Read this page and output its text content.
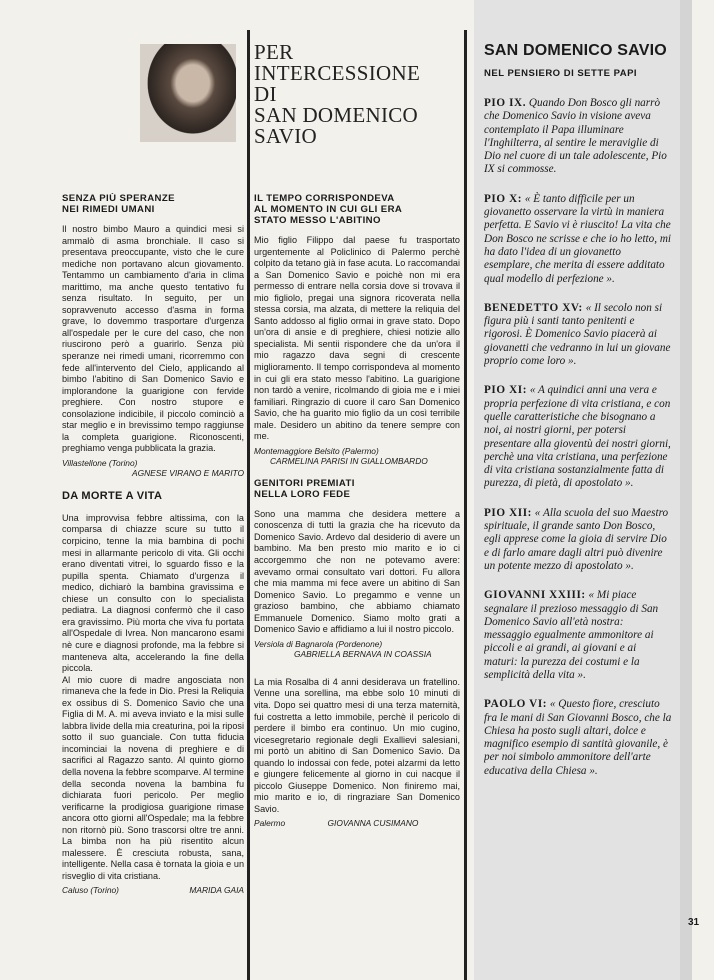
SENZA PIÙ SPERANZE
NEI RIMEDI UMANI

Il nostro bimbo Mauro a quindici mesi si ammalò di asma bronchiale. Il caso si presentava preoccupante, visto che le cure mediche non portavano alcun giovamento. Tentammo un cambiamento d'aria in clima marittimo, ma anche questo tentativo fu senza risultato. In seguito, per un sopravvenuto accesso d'asma in forma grave, lo dovemmo trasportare d'urgenza all'ospedale per le cure del caso, che non riuscirono però a guarirlo. Senza più speranze nei rimedi umani, ricorremmo con fede all'intervento del Cielo, applicando al bimbo l'abitino di San Domenico Savio e implorandone la guarigione con fervide preghiere. Con nostro stupore e consolazione indicibile, il piccolo cominciò a star meglio e in brevissimo tempo raggiunse la completa guarigione. Riconoscenti, preghiamo venga pubblicata la grazia.

Villastellone (Torino)
AGNESE VIRANO E MARITO
DA MORTE A VITA

Una improvvisa febbre altissima, con la comparsa di chiazze scure su tutto il corpicino, tenne la mia bambina di pochi mesi in allarmante pericolo di vita. Gli occhi erano diventati vitrei, lo sguardo fisso e la pupilla spenta. Chiamato d'urgenza il medico, dichiarò la bambina gravissima e chiese un consulto con lo specialista pediatra. La diagnosi confermò che il caso era gravissimo. Più morta che viva fu portata all'Ospedale di Ivrea. Non mancarono esami nè cure e diagnosi profonde, ma la febbre si manteneva alta, accelerando la fine della piccola.

Al mio cuore di madre angosciata non rimaneva che la fede in Dio. Presi la Reliquia ex ossibus di S. Domenico Savio che una Figlia di M. A. mi aveva inviato e la misi sulle labbra livide della mia creaturina, poi la riposi sotto il suo guanciale. Con tutta fiducia incominciai la novena di preghiere e di sacrifici al Ragazzo santo. Al quinto giorno della novena la febbre scomparve. Al termine della seconda novena la bambina fu dichiarata fuori pericolo. Per meglio verificarne la prodigiosa guarigione rimase ancora otto giorni all'Ospedale; ma la febbre non ritornò più. Sono trascorsi oltre tre anni. La bimba non ha più risentito alcun malessere. È cresciuta robusta, sana, intelligente. Nella casa è tornata la gioia e un risveglio di vita cristiana.

Caluso (Torino)	MARIDA GAIA
PER
INTERCESSIONE
DI
SAN DOMENICO
SAVIO
IL TEMPO CORRISPONDEVA
AL MOMENTO IN CUI GLI ERA
STATO MESSO L'ABITINO

Mio figlio Filippo dal paese fu trasportato urgentemente al Policlinico di Palermo perchè colpito da tetano già in fase acuta. Lo raccomandai a San Domenico Savio e poichè non mi era permesso di entrare nella corsia dove si trovava il mio figliolo, pregai una signora ricoverata nella stessa corsia, ma alzata, di mettere la reliquia del Santo addosso al figlio ormai in grave stato. Dopo un'ora di ansie e di preghiere, chiesi notizie allo specialista. Mi sentii rispondere che da un'ora il mio ragazzo dava segni di crescente miglioramento. Il tempo corrispondeva al momento in cui gli era stato messo l'abitino. La guarigione non tardò a venire, ricolmando di gioia me e i miei familiari. Ringrazio di cuore il caro San Domenico Savio, che ha guarito mio figlio da un così terribile male. Desidero un abitino da tenere sempre con me.

Montemaggiore Belsito (Palermo)
CARMELINA PARISI IN GIALLOMBARDO
GENITORI PREMIATI
NELLA LORO FEDE

Sono una mamma che desidera mettere a conoscenza di tutti la grazia che ha ricevuto da Domenico Savio. Ardevo dal desiderio di avere un bambino. Ma ben presto mio marito e io ci accorgemmo che non ne potevamo avere: avevamo ormai consultato vari dottori. Fu allora che mia mamma mi fece avere un abitino di San Domenico Savio. Lo pregammo e venne un grazioso bambino, che abbiamo chiamato Emmanuele Domenico. Siamo molto grati a Domenico Savio e affidiamo a lui il nostro piccolo.

Versiola di Bagnarola (Pordenone)
GABRIELLA BERNAVA IN COASSIA

La mia Rosalba di 4 anni desiderava un fratellino. Venne una sorellina, ma ebbe solo 10 minuti di vita. Dopo sei quattro mesi di una terza maternità, fui costretta a letto immobile, perchè il pericolo di perdere il bimbo era continuo. Un mio cugino, vicesegretario regionale degli Exallievi salesiani, mi portò un abitino di San Domenico Savio. Da quando lo indossai con fede, potei alzarmi da letto e giungere felicemente al giorno in cui nacque il piccolo Giuseppe Domenico. Non finiremo mai, mio marito e io, di ringraziare San Domenico Savio.

Palermo	GIOVANNA CUSIMANO
SAN DOMENICO SAVIO
NEL PENSIERO DI SETTE PAPI

PIO IX. Quando Don Bosco gli narrò che Domenico Savio in visione aveva contemplato il Papa illuminare l'Inghilterra, al sentire le meraviglie di Dio nel cuore di un tale adolescente, Pio IX si commosse.

PIO X: « È tanto difficile per un giovanetto osservare la virtù in maniera perfetta. E Savio vi è riuscito! La vita che Don Bosco ne scrisse e che io ho letto, mi ha dato l'idea di un giovanetto esemplare, che merita di essere additato qual modello di perfezione ».

BENEDETTO XV: « Il secolo non si figura più i santi tanto penitenti e rigorosi. È Domenico Savio piacerà ai giovanetti che vedranno in lui un giovane proprio come loro ».

PIO XI: « A quindici anni una vera e propria perfezione di vita cristiana, e con quelle caratteristiche che bisognano a noi, ai nostri giorni, per potersi presentare alla gioventù dei nostri giorni, perchè una vita cristiana, una perfezione di vita cristiana sostanzialmente fatta di purezza, di pietà, di apostolato ».

PIO XII: « Alla scuola del suo Maestro spirituale, il grande santo Don Bosco, egli apprese come la gioia di servire Dio e di farlo amare dagli altri può divenire un potente mezzo di apostolato ».

GIOVANNI XXIII: « Mi piace segnalare il prezioso messaggio di San Domenico Savio all'età nostra: messaggio egualmente ammonitore ai piccoli e ai grandi, ai giovani e ai maturi: la purezza dei costumi e la semplicità della vita ».

PAOLO VI: « Questo fiore, cresciuto fra le mani di San Giovanni Bosco, che la Chiesa ha posto sugli altari, dolce e magnifico esempio di santità giovanile, è per noi simbolo ammonitore dell'arte educativa della Chiesa ».

31
